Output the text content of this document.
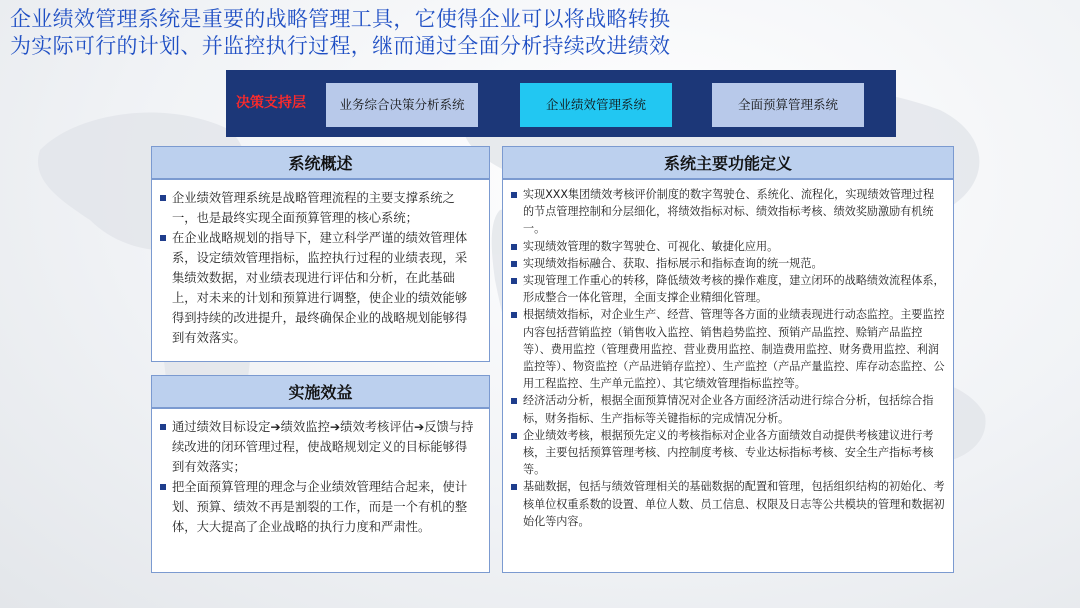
企业绩效管理系统是重要的战略管理工具，它使得企业可以将战略转换
为实际可行的计划、并监控执行过程，继而通过全面分析持续改进绩效
决策支持层	业务综合决策分析系统	企业绩效管理系统	全面预算管理系统
系统概述
企业绩效管理系统是战略管理流程的主要支撑系统之一，也是最终实现全面预算管理的核心系统；
在企业战略规划的指导下，建立科学严谨的绩效管理体系，设定绩效管理指标，监控执行过程的业绩表现，采集绩效数据，对业绩表现进行评估和分析，在此基础上，对未来的计划和预算进行调整，使企业的绩效能够得到持续的改进提升，最终确保企业的战略规划能够得到有效落实。
实施效益
通过绩效目标设定➔绩效监控➔绩效考核评估➔反馈与持续改进的闭环管理过程，使战略规划定义的目标能够得到有效落实；
把全面预算管理的理念与企业绩效管理结合起来，使计划、预算、绩效不再是割裂的工作，而是一个有机的整体，大大提高了企业战略的执行力度和严肃性。
系统主要功能定义
实现XXX集团绩效考核评价制度的数字驾驶仓、系统化、流程化，实现绩效管理过程的节点管理控制和分层细化，将绩效指标对标、绩效指标考核、绩效奖励激励有机统一。
实现绩效管理的数字驾驶仓、可视化、敏捷化应用。
实现绩效指标融合、获取、指标展示和指标查询的统一规范。
实现管理工作重心的转移，降低绩效考核的操作难度，建立闭环的战略绩效流程体系，形成整合一体化管理，全面支撑企业精细化管理。
根据绩效指标，对企业生产、经营、管理等各方面的业绩表现进行动态监控。主要监控内容包括营销监控（销售收入监控、销售趋势监控、预销产品监控、赊销产品监控等）、费用监控（管理费用监控、营业费用监控、制造费用监控、财务费用监控、利润监控等）、物资监控（产品进销存监控）、生产监控（产品产量监控、库存动态监控、公用工程监控、生产单元监控）、其它绩效管理指标监控等。
经济活动分析，根据全面预算情况对企业各方面经济活动进行综合分析，包括综合指标，财务指标、生产指标等关键指标的完成情况分析。
企业绩效考核，根据预先定义的考核指标对企业各方面绩效自动提供考核建议进行考核，主要包括预算管理考核、内控制度考核、专业达标指标考核、安全生产指标考核等。
基础数据，包括与绩效管理相关的基础数据的配置和管理，包括组织结构的初始化、考核单位权重系数的设置、单位人数、员工信息、权限及日志等公共模块的管理和数据初始化等内容。
